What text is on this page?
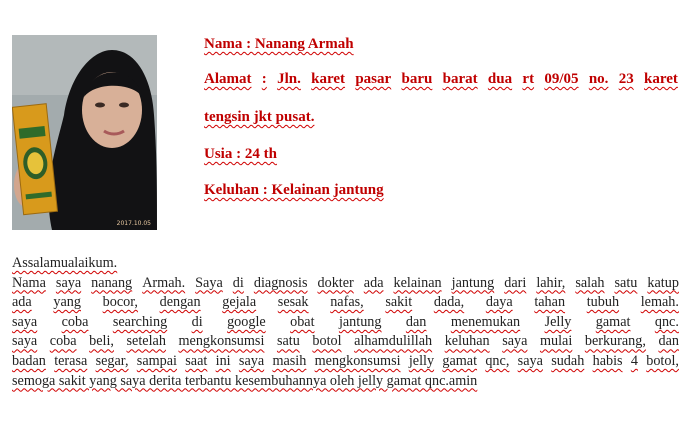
2017.10.05
Nama : Nanang Armah
Alamat : Jln. karet pasar baru barat dua rt 09/05 no. 23 karet
tengsin jkt pusat.
Usia : 24 th
Keluhan : Kelainan jantung
Assalamualaikum.
Nama saya nanang Armah. Saya di diagnosis dokter ada kelainan jantung dari lahir, salah satu katup
ada yang bocor, dengan gejala sesak nafas, sakit dada, daya tahan tubuh lemah.
saya coba searching di google obat jantung dan menemukan Jelly gamat qnc.
saya coba beli, setelah mengkonsumsi satu botol alhamdulillah keluhan saya mulai berkurang, dan
badan terasa segar, sampai saat ini saya masih mengkonsumsi jelly gamat qnc, saya sudah habis 4 botol,
semoga sakit yang saya derita terbantu kesembuhannya oleh jelly gamat qnc.amin
